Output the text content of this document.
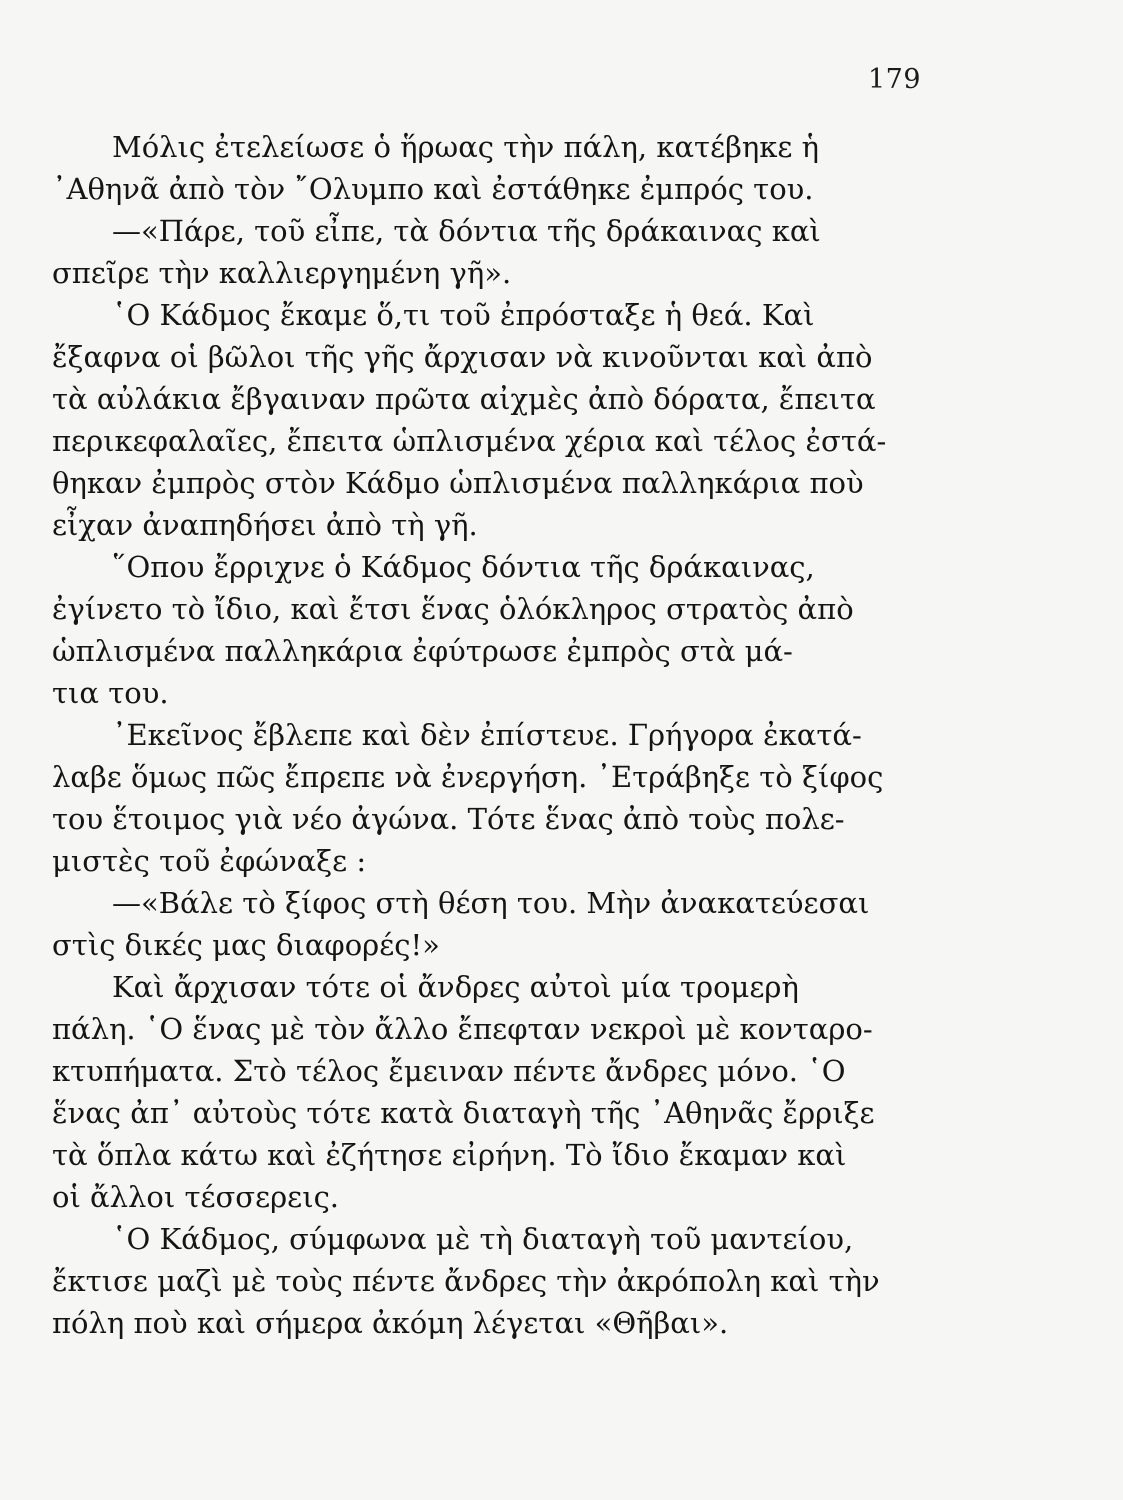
179
Μόλις ἐτελείωσε ὁ ἥρωας τὴν πάλη, κατέβηκε ἡ
᾿Αθηνᾶ ἀπὸ τὸν ῎Ολυμπο καὶ ἐστάθηκε ἐμπρός του.
—«Πάρε, τοῦ εἶπε, τὰ δόντια τῆς δράκαινας καὶ
σπεῖρε τὴν καλλιεργημένη γῆ».
῾Ο Κάδμος ἔκαμε ὅ,τι τοῦ ἐπρόσταξε ἡ θεά. Καὶ
ἔξαφνα οἱ βῶλοι τῆς γῆς ἄρχισαν νὰ κινοῦνται καὶ ἀπὸ
τὰ αὐλάκια ἔβγαιναν πρῶτα αἰχμὲς ἀπὸ δόρατα, ἔπειτα
περικεφαλαῖες, ἔπειτα ὡπλισμένα χέρια καὶ τέλος ἐστά-
θηκαν ἐμπρὸς στὸν Κάδμο ὡπλισμένα παλληκάρια ποὺ
εἶχαν ἀναπηδήσει ἀπὸ τὴ γῆ.
῞Οπου ἔρριχνε ὁ Κάδμος δόντια τῆς δράκαινας,
ἐγίνετο τὸ ἴδιο, καὶ ἔτσι ἕνας ὁλόκληρος στρατὸς ἀπὸ
ὡπλισμένα παλληκάρια ἐφύτρωσε ἐμπρὸς στὰ μά-
τια του.
᾿Εκεῖνος ἔβλεπε καὶ δὲν ἐπίστευε. Γρήγορα ἐκατά-
λαβε ὅμως πῶς ἔπρεπε νὰ ἐνεργήση. ᾿Ετράβηξε τὸ ξίφος
του ἕτοιμος γιὰ νέο ἀγώνα. Τότε ἕνας ἀπὸ τοὺς πολε-
μιστὲς τοῦ ἐφώναξε :
—«Βάλε τὸ ξίφος στὴ θέση του. Μὴν ἀνακατεύεσαι
στὶς δικές μας διαφορές!»
Καὶ ἄρχισαν τότε οἱ ἄνδρες αὐτοὶ μία τρομερὴ
πάλη. ῾Ο ἕνας μὲ τὸν ἄλλο ἔπεφταν νεκροὶ μὲ κονταρο-
κτυπήματα. Στὸ τέλος ἔμειναν πέντε ἄνδρες μόνο. ῾Ο
ἕνας ἀπ᾿ αὐτοὺς τότε κατὰ διαταγὴ τῆς ᾿Αθηνᾶς ἔρριξε
τὰ ὅπλα κάτω καὶ ἐζήτησε εἰρήνη. Τὸ ἴδιο ἔκαμαν καὶ
οἱ ἄλλοι τέσσερεις.
῾Ο Κάδμος, σύμφωνα μὲ τὴ διαταγὴ τοῦ μαντείου,
ἔκτισε μαζὶ μὲ τοὺς πέντε ἄνδρες τὴν ἀκρόπολη καὶ τὴν
πόλη ποὺ καὶ σήμερα ἀκόμη λέγεται «Θῆβαι».
